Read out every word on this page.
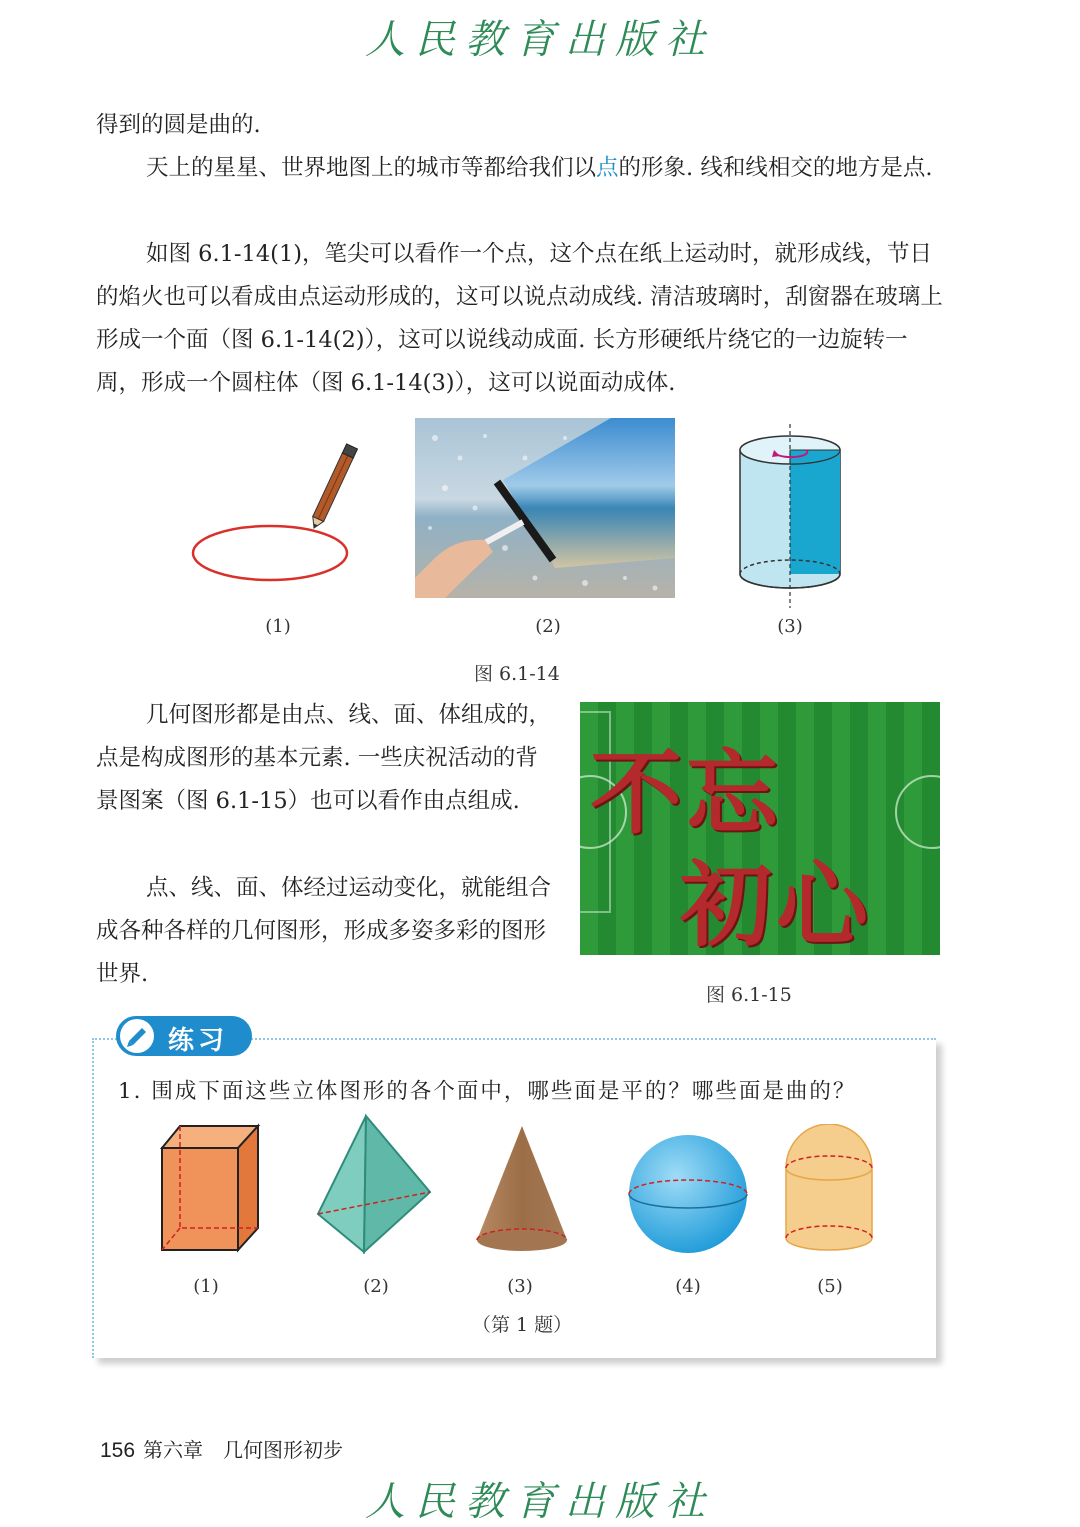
人民教育出版社

得到的圆是曲的.

天上的星星、世界地图上的城市等都给我们以点的形象. 线和线相交的地方是点.

如图 6.1-14(1)，笔尖可以看作一个点，这个点在纸上运动时，就形成线，节日的焰火也可以看成由点运动形成的，这可以说点动成线. 清洁玻璃时，刮窗器在玻璃上形成一个面（图 6.1-14(2)），这可以说线动成面. 长方形硬纸片绕它的一边旋转一周，形成一个圆柱体（图 6.1-14(3)），这可以说面动成体.

(1)	(2)	(3)
图 6.1-14

几何图形都是由点、线、面、体组成的，点是构成图形的基本元素. 一些庆祝活动的背景图案（图 6.1-15）也可以看作由点组成.

点、线、面、体经过运动变化，就能组合成各种各样的几何图形，形成多姿多彩的图形世界.

不忘
初心
图 6.1-15
练习
1. 围成下面这些立体图形的各个面中，哪些面是平的？哪些面是曲的？
(1)	(2)	(3)	(4)	(5)
（第 1 题）
156 第六章　几何图形初步
人民教育出版社
